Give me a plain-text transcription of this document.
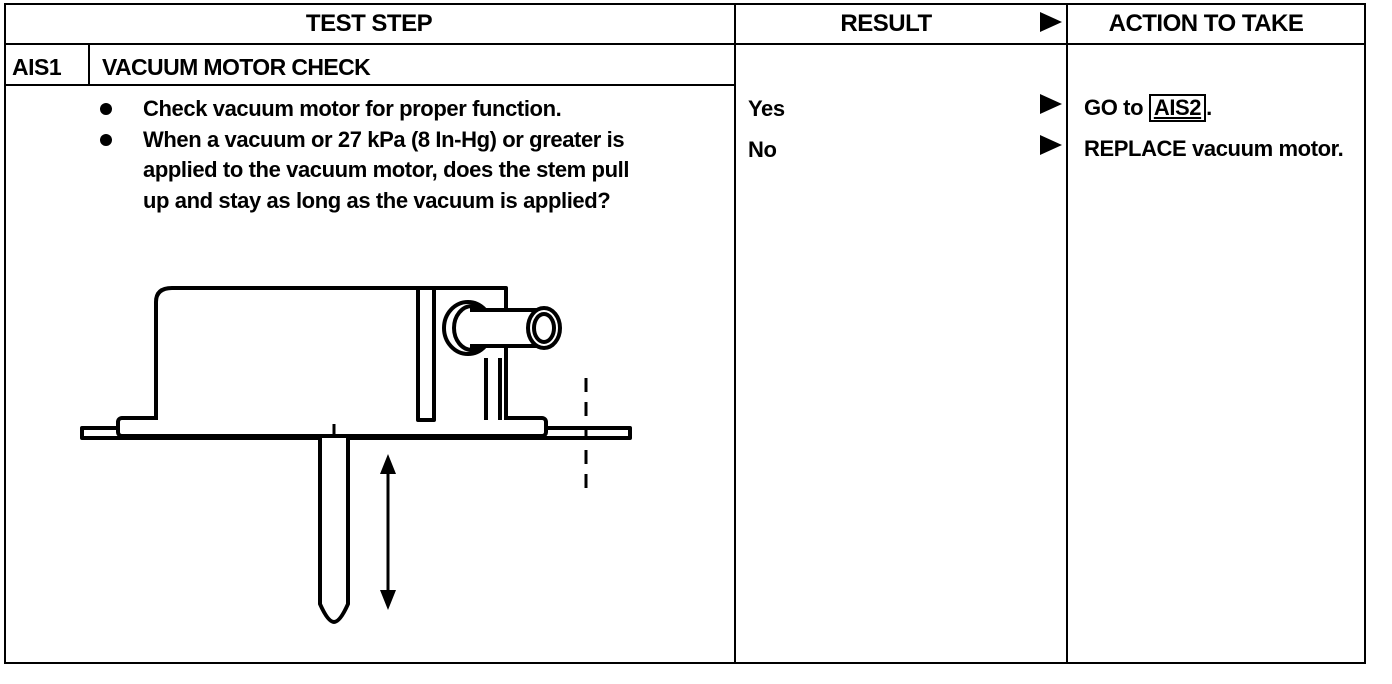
TEST STEP	RESULT	ACTION TO TAKE
AIS1 VACUUM MOTOR CHECK
Check vacuum motor for proper function.
When a vacuum or 27 kPa (8 In-Hg) or greater is applied to the vacuum motor, does the stem pull up and stay as long as the vacuum is applied?
Yes
No
GO to AIS2 .
REPLACE vacuum motor.
